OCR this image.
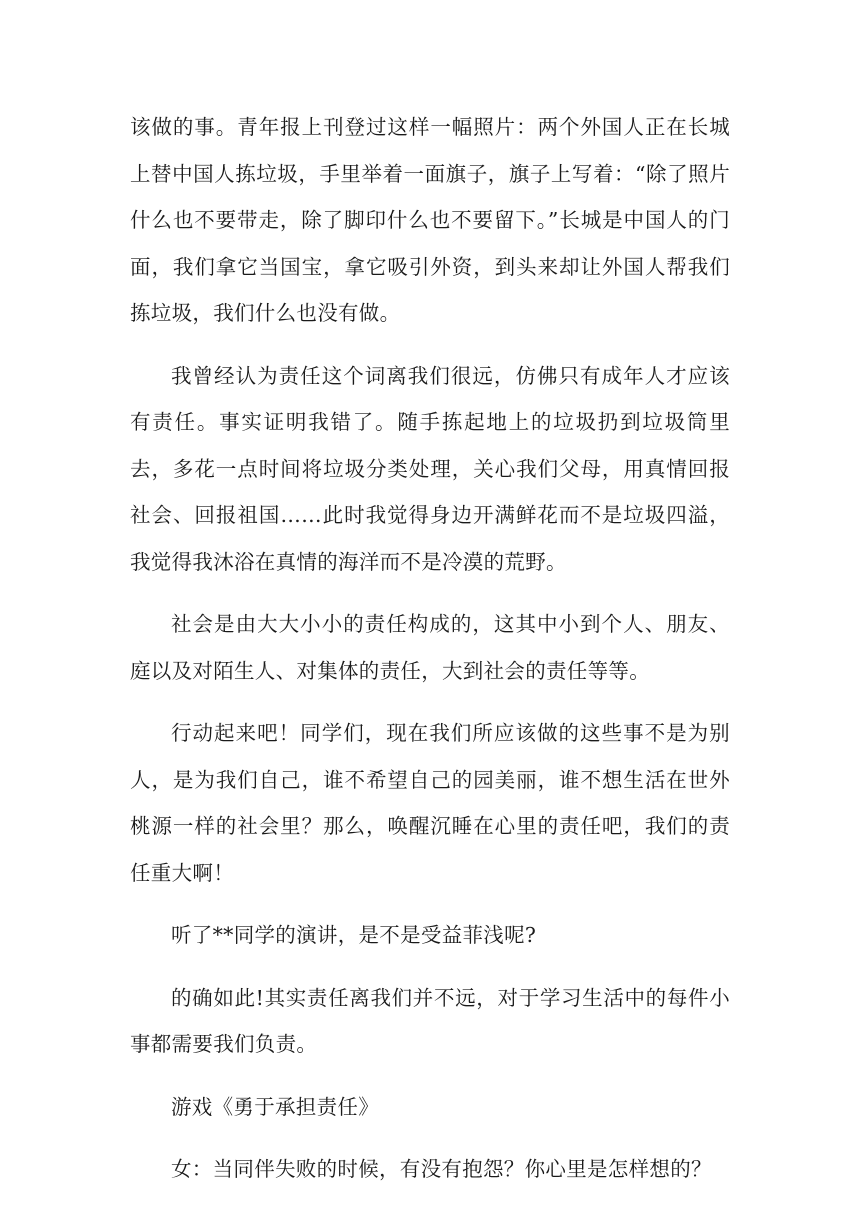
该做的事。青年报上刊登过这样一幅照片：两个外国人正在长城上替中国人拣垃圾，手里举着一面旗子，旗子上写着：“除了照片什么也不要带走，除了脚印什么也不要留下。”长城是中国人的门面，我们拿它当国宝，拿它吸引外资，到头来却让外国人帮我们拣垃圾，我们什么也没有做。

我曾经认为责任这个词离我们很远，仿佛只有成年人才应该有责任。事实证明我错了。随手拣起地上的垃圾扔到垃圾筒里去，多花一点时间将垃圾分类处理，关心我们父母，用真情回报社会、回报祖国……此时我觉得身边开满鲜花而不是垃圾四溢，我觉得我沐浴在真情的海洋而不是冷漠的荒野。

社会是由大大小小的责任构成的，这其中小到个人、朋友、庭以及对陌生人、对集体的责任，大到社会的责任等等。

行动起来吧！同学们，现在我们所应该做的这些事不是为别人，是为我们自己，谁不希望自己的园美丽，谁不想生活在世外桃源一样的社会里？那么，唤醒沉睡在心里的责任吧，我们的责任重大啊！

听了**同学的演讲，是不是受益菲浅呢?

的确如此!其实责任离我们并不远，对于学习生活中的每件小事都需要我们负责。

游戏《勇于承担责任》

女：当同伴失败的时候，有没有抱怨？你心里是怎样想的？
